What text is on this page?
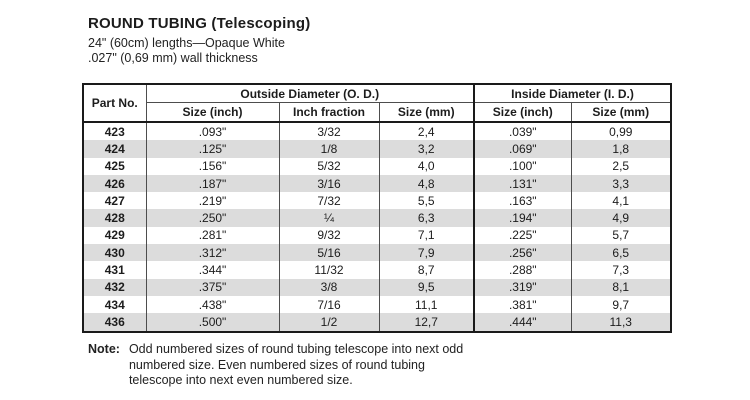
ROUND TUBING (Telescoping)
24" (60cm) lengths—Opaque White
.027" (0,69 mm) wall thickness
Part No.	Outside Diameter (O. D.)			Inside Diameter (I. D.)	
	Size (inch)	Inch fraction	Size (mm)	Size (inch)	Size (mm)
423	.093"	3/32	2,4	.039"	0,99
424	.125"	1/8	3,2	.069"	1,8
425	.156"	5/32	4,0	.100"	2,5
426	.187"	3/16	4,8	.131"	3,3
427	.219"	7/32	5,5	.163"	4,1
428	.250"	¼	6,3	.194"	4,9
429	.281"	9/32	7,1	.225"	5,7
430	.312"	5/16	7,9	.256"	6,5
431	.344"	11/32	8,7	.288"	7,3
432	.375"	3/8	9,5	.319"	8,1
434	.438"	7/16	11,1	.381"	9,7
436	.500"	1/2	12,7	.444"	11,3
Note: Odd numbered sizes of round tubing telescope into next odd numbered size. Even numbered sizes of round tubing telescope into next even numbered size.
